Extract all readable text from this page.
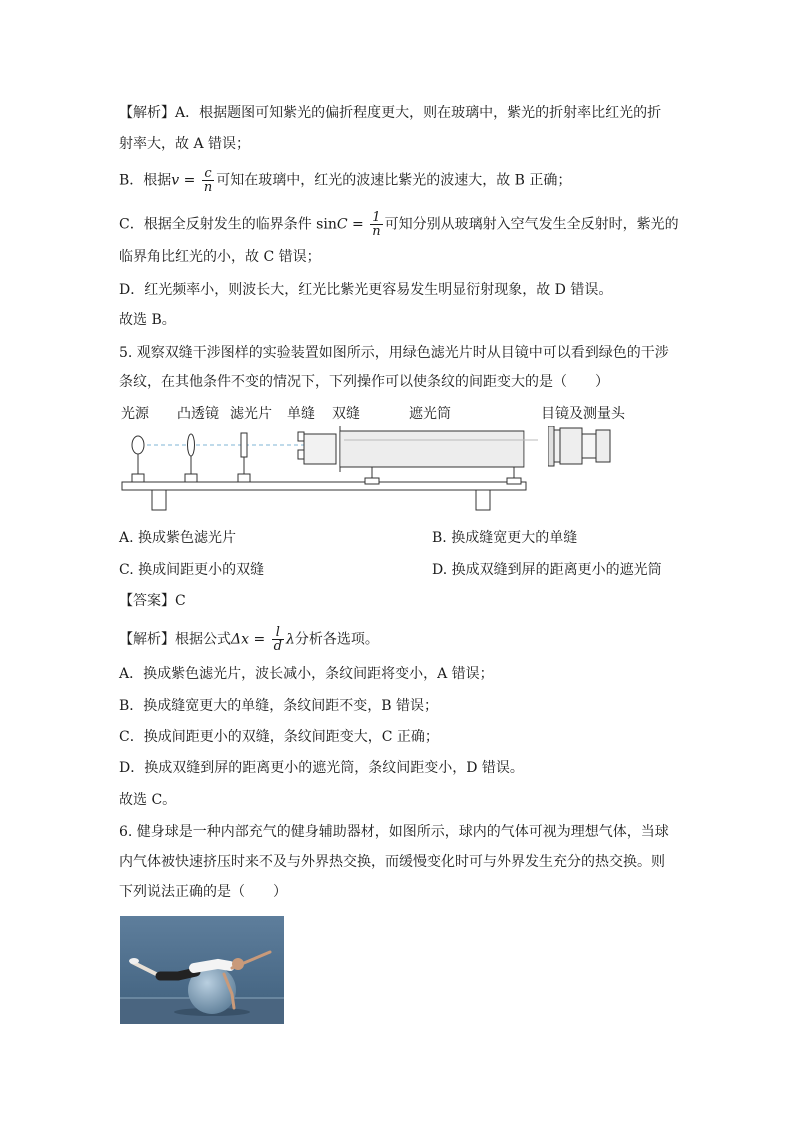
【解析】A．根据题图可知紫光的偏折程度更大，则在玻璃中，紫光的折射率比红光的折
射率大，故 A 错误；
B．根据$v = \frac{c}{n}$ 可知在玻璃中，红光的波速比紫光的波速大，故 B 正确；
C．根据全反射发生的临界条件 $\sin C = \frac{1}{n}$ 可知分别从玻璃射入空气发生全反射时，紫光的
临界角比红光的小，故 C 错误；
D．红光频率小，则波长大，红光比紫光更容易发生明显衍射现象，故 D 错误。
故选 B。
5. 观察双缝干涉图样的实验装置如图所示，用绿色滤光片时从目镜中可以看到绿色的干涉
条纹，在其他条件不变的情况下，下列操作可以使条纹的间距变大的是（　　）
光源 凸透镜 滤光片 单缝 双缝	遮光筒	目镜及测量头
A. 换成紫色滤光片	B. 换成缝宽更大的单缝
C. 换成间距更小的双缝	D. 换成双缝到屏的距离更小的遮光筒
【答案】C
【解析】根据公式$\Delta x = \frac{l}{d}$ λ分析各选项。
A．换成紫色滤光片，波长减小，条纹间距将变小，A 错误；
B．换成缝宽更大的单缝，条纹间距不变，B 错误；
C．换成间距更小的双缝，条纹间距变大，C 正确；
D．换成双缝到屏的距离更小的遮光筒，条纹间距变小，D 错误。
故选 C。
6. 健身球是一种内部充气的健身辅助器材，如图所示，球内的气体可视为理想气体，当球
内气体被快速挤压时来不及与外界热交换，而缓慢变化时可与外界发生充分的热交换。则
下列说法正确的是（　　）
